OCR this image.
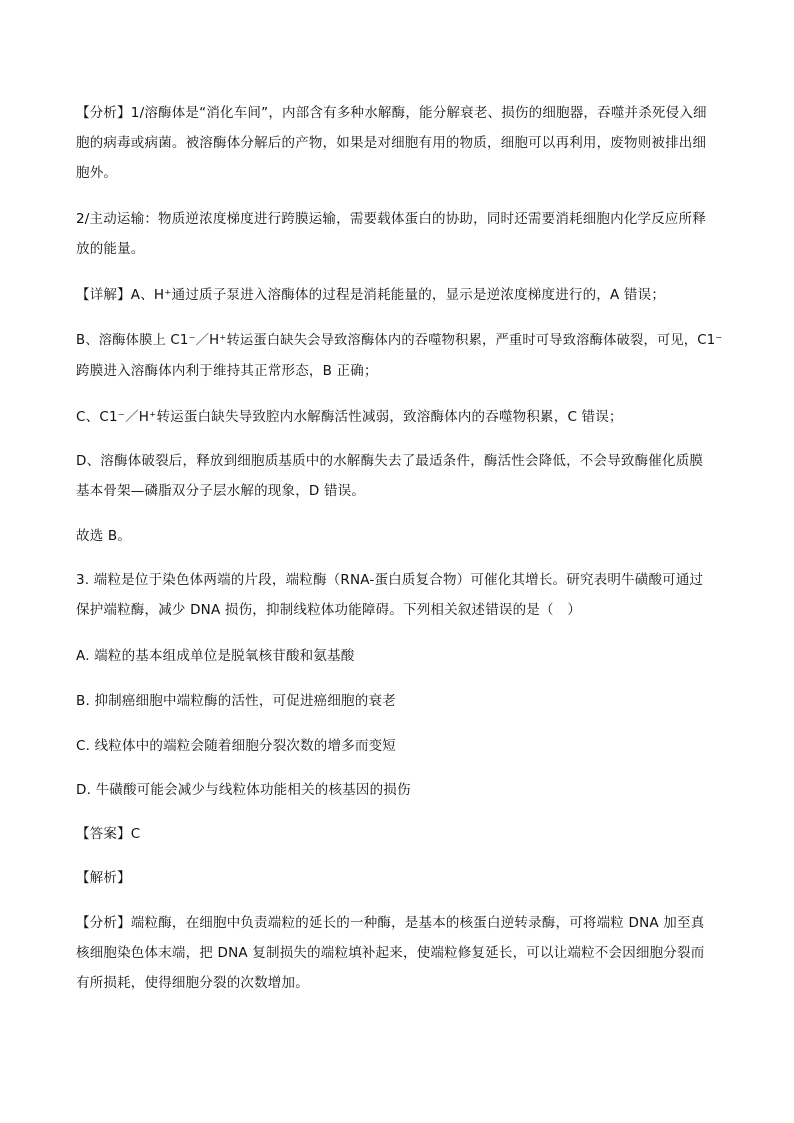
【分析】1/溶酶体是“消化车间”，内部含有多种水解酶，能分解衰老、损伤的细胞器，吞噬并杀死侵入细
胞的病毒或病菌。被溶酶体分解后的产物，如果是对细胞有用的物质，细胞可以再利用，废物则被排出细
胞外。
2/主动运输：物质逆浓度梯度进行跨膜运输，需要载体蛋白的协助，同时还需要消耗细胞内化学反应所释
放的能量。
【详解】A、H⁺通过质子泵进入溶酶体的过程是消耗能量的，显示是逆浓度梯度进行的，A 错误；
B、溶酶体膜上 C1⁻／H⁺转运蛋白缺失会导致溶酶体内的吞噬物积累，严重时可导致溶酶体破裂，可见，C1⁻
跨膜进入溶酶体内利于维持其正常形态，B 正确；
C、C1⁻／H⁺转运蛋白缺失导致腔内水解酶活性减弱，致溶酶体内的吞噬物积累，C 错误；
D、溶酶体破裂后，释放到细胞质基质中的水解酶失去了最适条件，酶活性会降低，不会导致酶催化质膜
基本骨架—磷脂双分子层水解的现象，D 错误。
故选 B。
3. 端粒是位于染色体两端的片段，端粒酶（RNA-蛋白质复合物）可催化其增长。研究表明牛磺酸可通过
保护端粒酶，减少 DNA 损伤，抑制线粒体功能障碍。下列相关叙述错误的是（　）
A. 端粒的基本组成单位是脱氧核苷酸和氨基酸
B. 抑制癌细胞中端粒酶的活性，可促进癌细胞的衰老
C. 线粒体中的端粒会随着细胞分裂次数的增多而变短
D. 牛磺酸可能会减少与线粒体功能相关的核基因的损伤
【答案】C
【解析】
【分析】端粒酶，在细胞中负责端粒的延长的一种酶，是基本的核蛋白逆转录酶，可将端粒 DNA 加至真
核细胞染色体末端，把 DNA 复制损失的端粒填补起来，使端粒修复延长，可以让端粒不会因细胞分裂而
有所损耗，使得细胞分裂的次数增加。
